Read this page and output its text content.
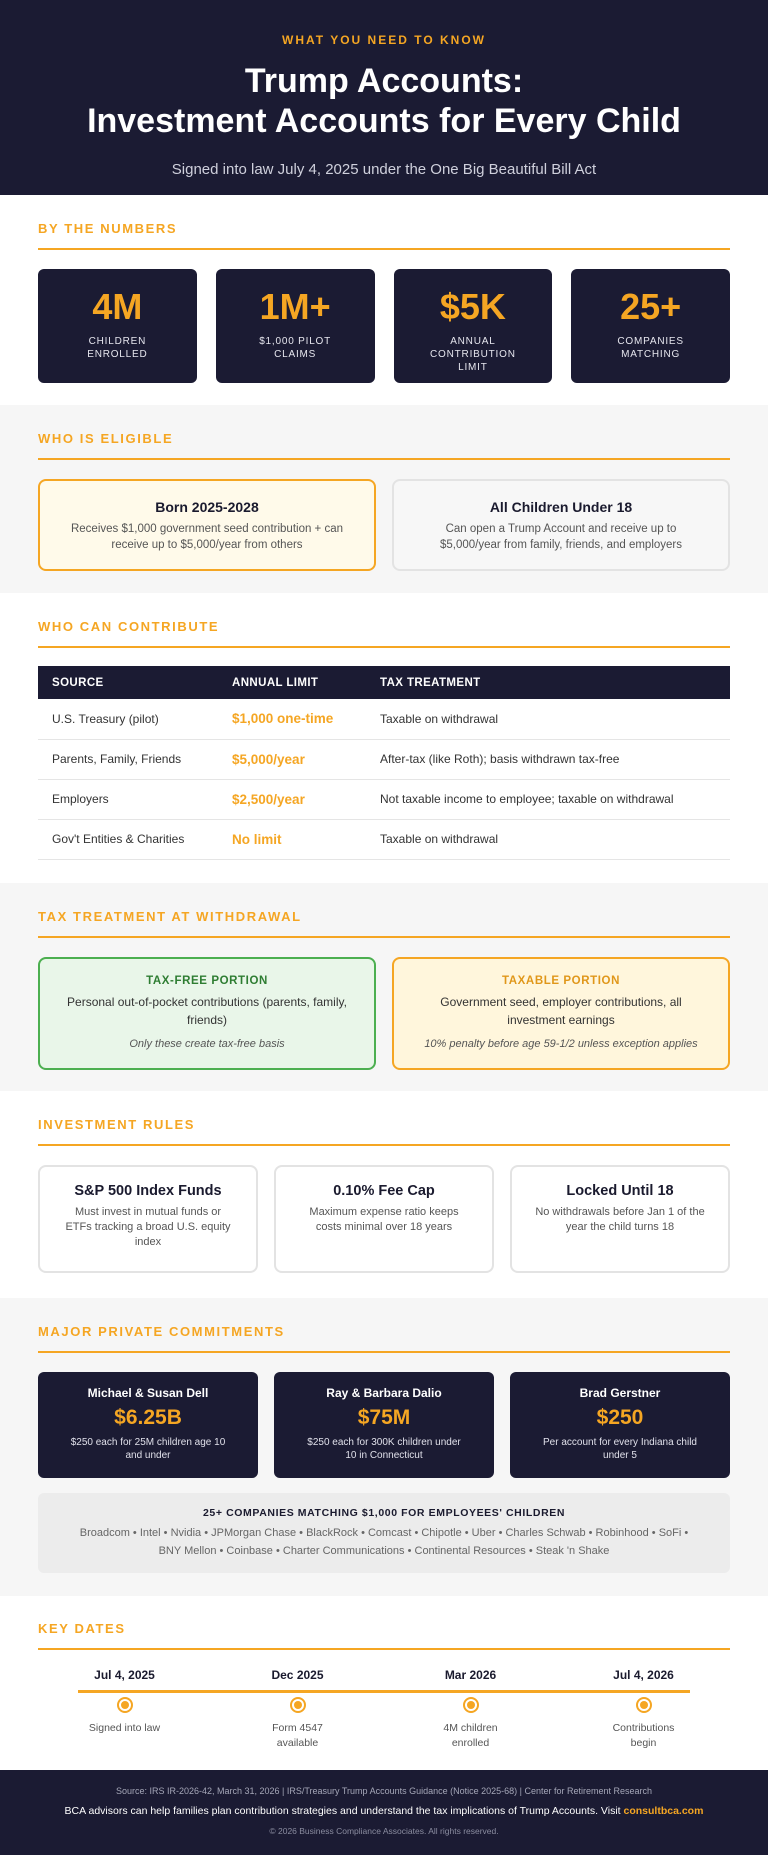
WHAT YOU NEED TO KNOW
Trump Accounts:
Investment Accounts for Every Child
Signed into law July 4, 2025 under the One Big Beautiful Bill Act
BY THE NUMBERS
4M
CHILDREN ENROLLED
1M+
$1,000 PILOT CLAIMS
$5K
ANNUAL CONTRIBUTION LIMIT
25+
COMPANIES MATCHING
WHO IS ELIGIBLE
Born 2025-2028

Receives $1,000 government seed contribution + can receive up to $5,000/year from others

All Children Under 18

Can open a Trump Account and receive up to $5,000/year from family, friends, and employers

WHO CAN CONTRIBUTE
SOURCE	ANNUAL LIMIT	TAX TREATMENT
U.S. Treasury (pilot)	$1,000 one-time	Taxable on withdrawal
Parents, Family, Friends	$5,000/year	After-tax (like Roth); basis withdrawn tax-free
Employers	$2,500/year	Not taxable income to employee; taxable on withdrawal
Gov't Entities & Charities	No limit	Taxable on withdrawal
TAX TREATMENT AT WITHDRAWAL
TAX-FREE PORTION

Personal out-of-pocket contributions (parents, family, friends)

Only these create tax-free basis

TAXABLE PORTION

Government seed, employer contributions, all investment earnings

10% penalty before age 59-1/2 unless exception applies

INVESTMENT RULES
S&P 500 Index Funds

Must invest in mutual funds or ETFs tracking a broad U.S. equity index

0.10% Fee Cap

Maximum expense ratio keeps costs minimal over 18 years

Locked Until 18

No withdrawals before Jan 1 of the year the child turns 18

MAJOR PRIVATE COMMITMENTS
Michael & Susan Dell
$6.25B

$250 each for 25M children age 10 and under

Ray & Barbara Dalio
$75M

$250 each for 300K children under 10 in Connecticut

Brad Gerstner
$250

Per account for every Indiana child under 5

25+ COMPANIES MATCHING $1,000 FOR EMPLOYEES' CHILDREN

Broadcom • Intel • Nvidia • JPMorgan Chase • BlackRock • Comcast • Chipotle • Uber • Charles Schwab • Robinhood • SoFi •
BNY Mellon • Coinbase • Charter Communications • Continental Resources • Steak 'n Shake

KEY DATES
Jul 4, 2025
Signed into law
Dec 2025
Form 4547 available
Mar 2026
4M children enrolled
Jul 4, 2026
Contributions begin
Source: IRS IR-2026-42, March 31, 2026 | IRS/Treasury Trump Accounts Guidance (Notice 2025-68) | Center for Retirement Research
BCA advisors can help families plan contribution strategies and understand the tax implications of Trump Accounts. Visit consultbca.com
© 2026 Business Compliance Associates. All rights reserved.
